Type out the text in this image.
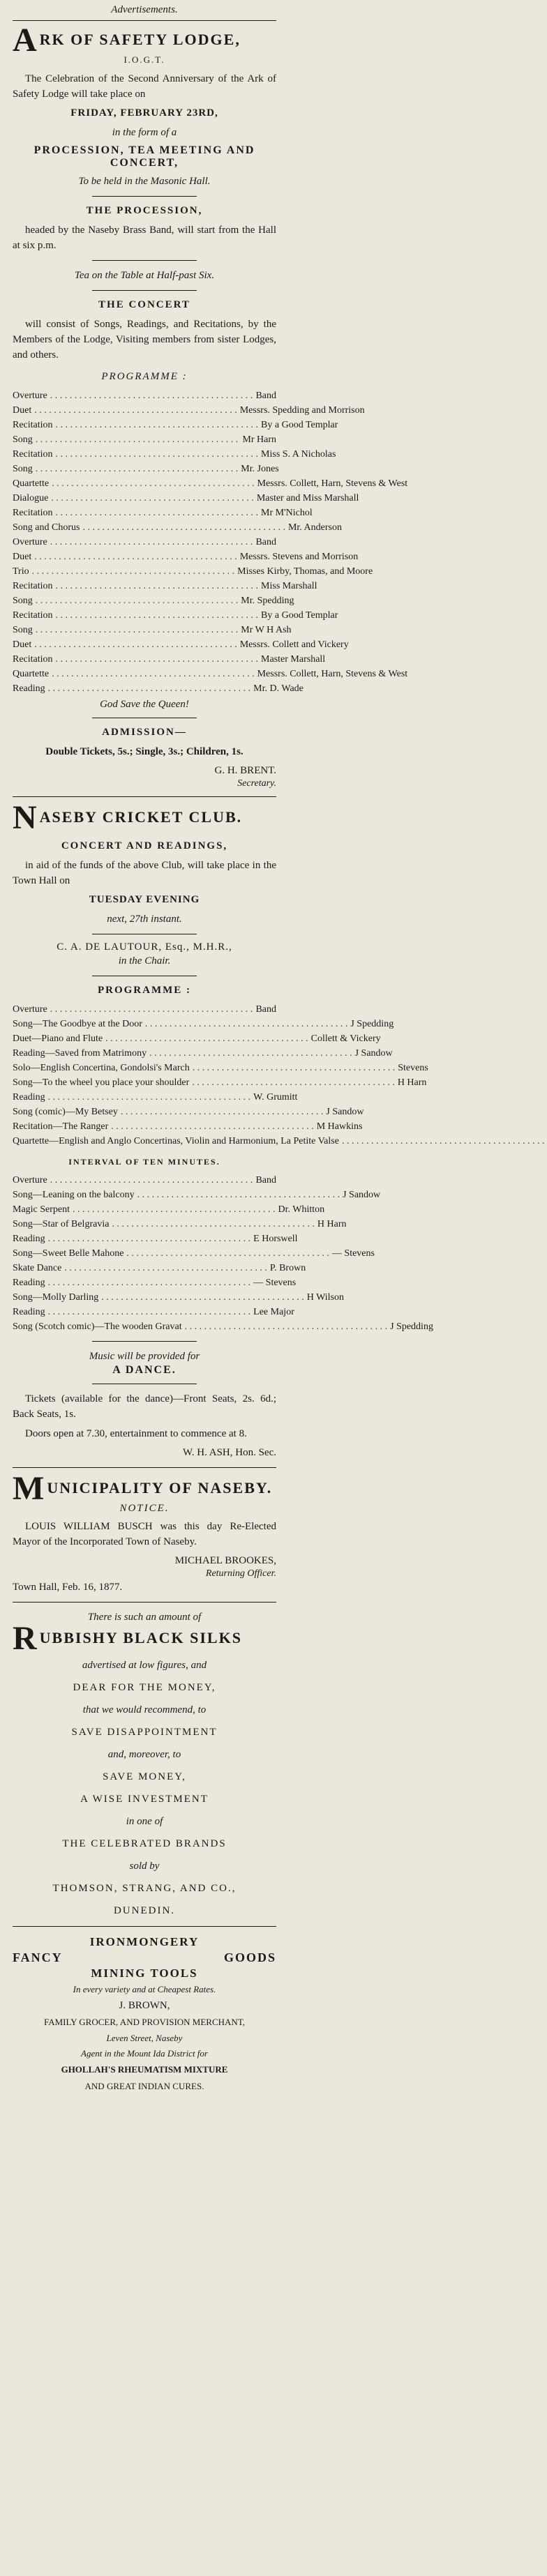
Advertisements.
A RK OF SAFETY LODGE,
I.O.G.T.

The Celebration of the Second Anniversary of the Ark of Safety Lodge will take place on

FRIDAY, FEBRUARY 23RD,
in the form of a
PROCESSION, TEA MEETING AND CONCERT,
To be held in the Masonic Hall.
THE PROCESSION,

headed by the Naseby Brass Band, will start from the Hall at six p.m.

Tea on the Table at Half-past Six.
THE CONCERT

will consist of Songs, Readings, and Recitations, by the Members of the Lodge, Visiting members from sister Lodges, and others.

PROGRAMME :
Overture . . . . . . . . . . . . . . . . . . . . . . . . . . . . . . . . . . . . . . . . . . Band
Duet . . . . . . . . . . . . . . . . . . . . . . . . . . . . . . . . . . . . . . . . . . Messrs. Spedding and Morrison
Recitation . . . . . . . . . . . . . . . . . . . . . . . . . . . . . . . . . . . . . . . . . . By a Good Templar
Song . . . . . . . . . . . . . . . . . . . . . . . . . . . . . . . . . . . . . . . . . . Mr Harn
Recitation . . . . . . . . . . . . . . . . . . . . . . . . . . . . . . . . . . . . . . . . . . Miss S. A Nicholas
Song . . . . . . . . . . . . . . . . . . . . . . . . . . . . . . . . . . . . . . . . . . Mr. Jones
Quartette . . . . . . . . . . . . . . . . . . . . . . . . . . . . . . . . . . . . . . . . . . Messrs. Collett, Harn, Stevens & West
Dialogue . . . . . . . . . . . . . . . . . . . . . . . . . . . . . . . . . . . . . . . . . . Master and Miss Marshall
Recitation . . . . . . . . . . . . . . . . . . . . . . . . . . . . . . . . . . . . . . . . . . Mr M'Nichol
Song and Chorus . . . . . . . . . . . . . . . . . . . . . . . . . . . . . . . . . . . . . . . . . . Mr. Anderson
Overture . . . . . . . . . . . . . . . . . . . . . . . . . . . . . . . . . . . . . . . . . . Band
Duet . . . . . . . . . . . . . . . . . . . . . . . . . . . . . . . . . . . . . . . . . . Messrs. Stevens and Morrison
Trio . . . . . . . . . . . . . . . . . . . . . . . . . . . . . . . . . . . . . . . . . . Misses Kirby, Thomas, and Moore
Recitation . . . . . . . . . . . . . . . . . . . . . . . . . . . . . . . . . . . . . . . . . . Miss Marshall
Song . . . . . . . . . . . . . . . . . . . . . . . . . . . . . . . . . . . . . . . . . . Mr. Spedding
Recitation . . . . . . . . . . . . . . . . . . . . . . . . . . . . . . . . . . . . . . . . . . By a Good Templar
Song . . . . . . . . . . . . . . . . . . . . . . . . . . . . . . . . . . . . . . . . . . Mr W H Ash
Duet . . . . . . . . . . . . . . . . . . . . . . . . . . . . . . . . . . . . . . . . . . Messrs. Collett and Vickery
Recitation . . . . . . . . . . . . . . . . . . . . . . . . . . . . . . . . . . . . . . . . . . Master Marshall
Quartette . . . . . . . . . . . . . . . . . . . . . . . . . . . . . . . . . . . . . . . . . . Messrs. Collett, Harn, Stevens & West
Reading . . . . . . . . . . . . . . . . . . . . . . . . . . . . . . . . . . . . . . . . . . Mr. D. Wade
God Save the Queen!
ADMISSION—
Double Tickets, 5s.; Single, 3s.; Children, 1s.
G. H. BRENT.
Secretary.
N ASEBY CRICKET CLUB.
CONCERT AND READINGS,

in aid of the funds of the above Club, will take place in the Town Hall on

TUESDAY EVENING
next, 27th instant.
C. A. DE LAUTOUR, Esq., M.H.R.,
in the Chair.
PROGRAMME :
Overture . . . . . . . . . . . . . . . . . . . . . . . . . . . . . . . . . . . . . . . . . . Band
Song—The Goodbye at the Door . . . . . . . . . . . . . . . . . . . . . . . . . . . . . . . . . . . . . . . . . . J Spedding
Duet—Piano and Flute . . . . . . . . . . . . . . . . . . . . . . . . . . . . . . . . . . . . . . . . . . Collett & Vickery
Reading—Saved from Matrimony . . . . . . . . . . . . . . . . . . . . . . . . . . . . . . . . . . . . . . . . . . J Sandow
Solo—English Concertina, Gondolsi's March . . . . . . . . . . . . . . . . . . . . . . . . . . . . . . . . . . . . . . . . . . Stevens
Song—To the wheel you place your shoulder . . . . . . . . . . . . . . . . . . . . . . . . . . . . . . . . . . . . . . . . . . H Harn
Reading . . . . . . . . . . . . . . . . . . . . . . . . . . . . . . . . . . . . . . . . . . W. Grumitt
Song (comic)—My Betsey . . . . . . . . . . . . . . . . . . . . . . . . . . . . . . . . . . . . . . . . . . J Sandow
Recitation—The Ranger . . . . . . . . . . . . . . . . . . . . . . . . . . . . . . . . . . . . . . . . . . M Hawkins
Quartette—English and Anglo Concertinas, Violin and Harmonium, La Petite Valse . . . . . . . . . . . . . . . . . . . . . . . . . . . . . . . . . . . . . . . . . .
INTERVAL OF TEN MINUTES.
Overture . . . . . . . . . . . . . . . . . . . . . . . . . . . . . . . . . . . . . . . . . . Band
Song—Leaning on the balcony . . . . . . . . . . . . . . . . . . . . . . . . . . . . . . . . . . . . . . . . . . J Sandow
Magic Serpent . . . . . . . . . . . . . . . . . . . . . . . . . . . . . . . . . . . . . . . . . . Dr. Whitton
Song—Star of Belgravia . . . . . . . . . . . . . . . . . . . . . . . . . . . . . . . . . . . . . . . . . . H Harn
Reading . . . . . . . . . . . . . . . . . . . . . . . . . . . . . . . . . . . . . . . . . . E Horswell
Song—Sweet Belle Mahone . . . . . . . . . . . . . . . . . . . . . . . . . . . . . . . . . . . . . . . . . . — Stevens
Skate Dance . . . . . . . . . . . . . . . . . . . . . . . . . . . . . . . . . . . . . . . . . . P. Brown
Reading . . . . . . . . . . . . . . . . . . . . . . . . . . . . . . . . . . . . . . . . . . — Stevens
Song—Molly Darling . . . . . . . . . . . . . . . . . . . . . . . . . . . . . . . . . . . . . . . . . . H Wilson
Reading . . . . . . . . . . . . . . . . . . . . . . . . . . . . . . . . . . . . . . . . . . Lee Major
Song (Scotch comic)—The wooden Gravat . . . . . . . . . . . . . . . . . . . . . . . . . . . . . . . . . . . . . . . . . . J Spedding
Music will be provided for
A DANCE.

Tickets (available for the dance)—Front Seats, 2s. 6d.; Back Seats, 1s.

Doors open at 7.30, entertainment to commence at 8.

W. H. ASH, Hon. Sec.
M UNICIPALITY OF NASEBY.
NOTICE.

LOUIS WILLIAM BUSCH was this day Re-Elected Mayor of the Incorporated Town of Naseby.

MICHAEL BROOKES,
Returning Officer.
Town Hall, Feb. 16, 1877.
There is such an amount of
R UBBISHY BLACK SILKS
advertised at low figures, and
DEAR FOR THE MONEY,
that we would recommend, to
SAVE DISAPPOINTMENT
and, moreover, to
SAVE MONEY,
A WISE INVESTMENT
in one of
THE CELEBRATED BRANDS
sold by
THOMSON, STRANG, AND CO.,
DUNEDIN.
IRONMONGERY
FANCY	GOODS
MINING TOOLS
In every variety and at Cheapest Rates.
J. BROWN,
FAMILY GROCER, AND PROVISION MERCHANT,
Leven Street, Naseby
Agent in the Mount Ida District for
GHOLLAH'S RHEUMATISM MIXTURE
AND GREAT INDIAN CURES.
